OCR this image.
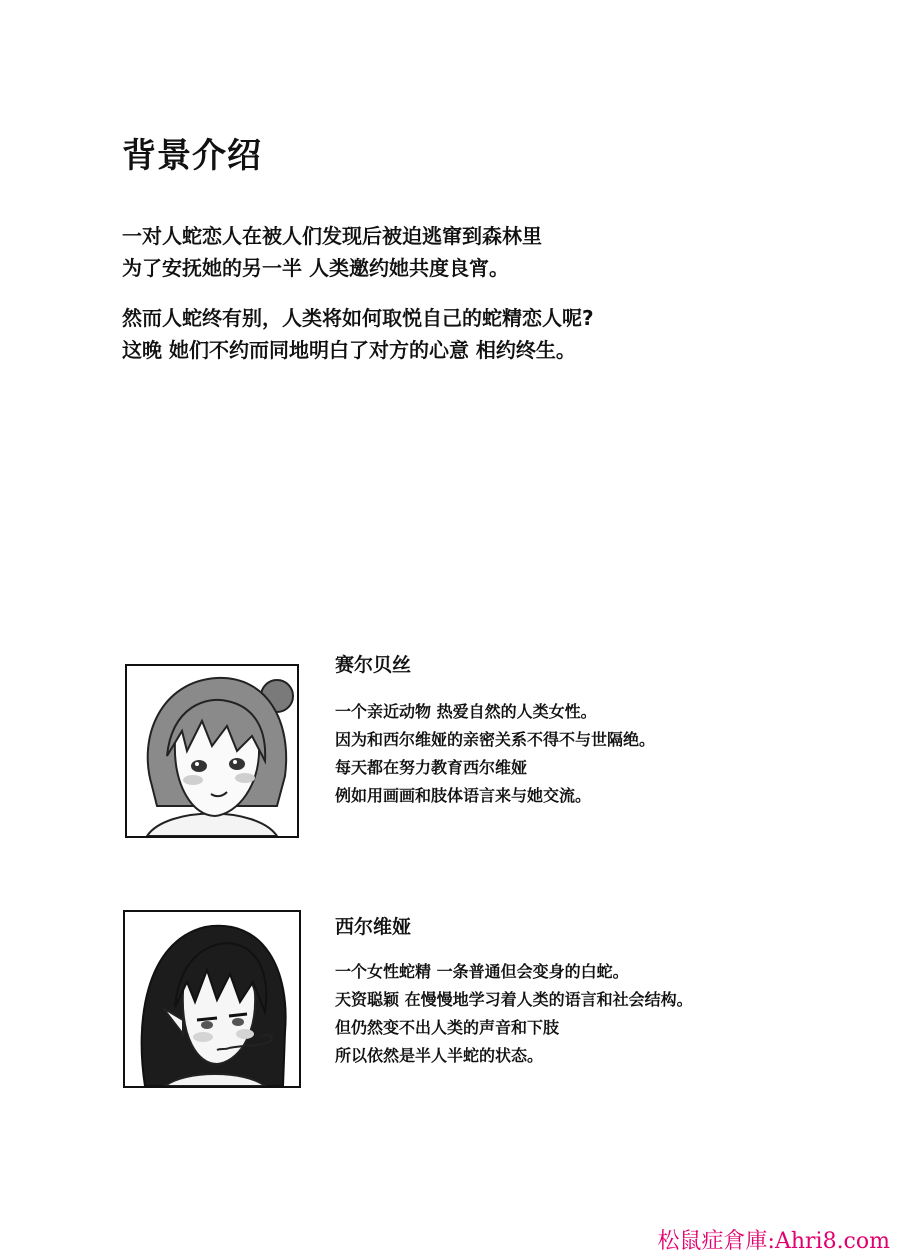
背景介绍
一对人蛇恋人在被人们发现后被迫逃窜到森林里
为了安抚她的另一半 人类邀约她共度良宵。
然而人蛇终有别，人类将如何取悦自己的蛇精恋人呢?
这晚 她们不约而同地明白了对方的心意 相约终生。
赛尔贝丝
一个亲近动物 热爱自然的人类女性。
因为和西尔维娅的亲密关系不得不与世隔绝。
每天都在努力教育西尔维娅
例如用画画和肢体语言来与她交流。
西尔维娅
一个女性蛇精 一条普通但会变身的白蛇。
天资聪颖 在慢慢地学习着人类的语言和社会结构。
但仍然变不出人类的声音和下肢
所以依然是半人半蛇的状态。
松鼠症倉庫:Ahri8.com
